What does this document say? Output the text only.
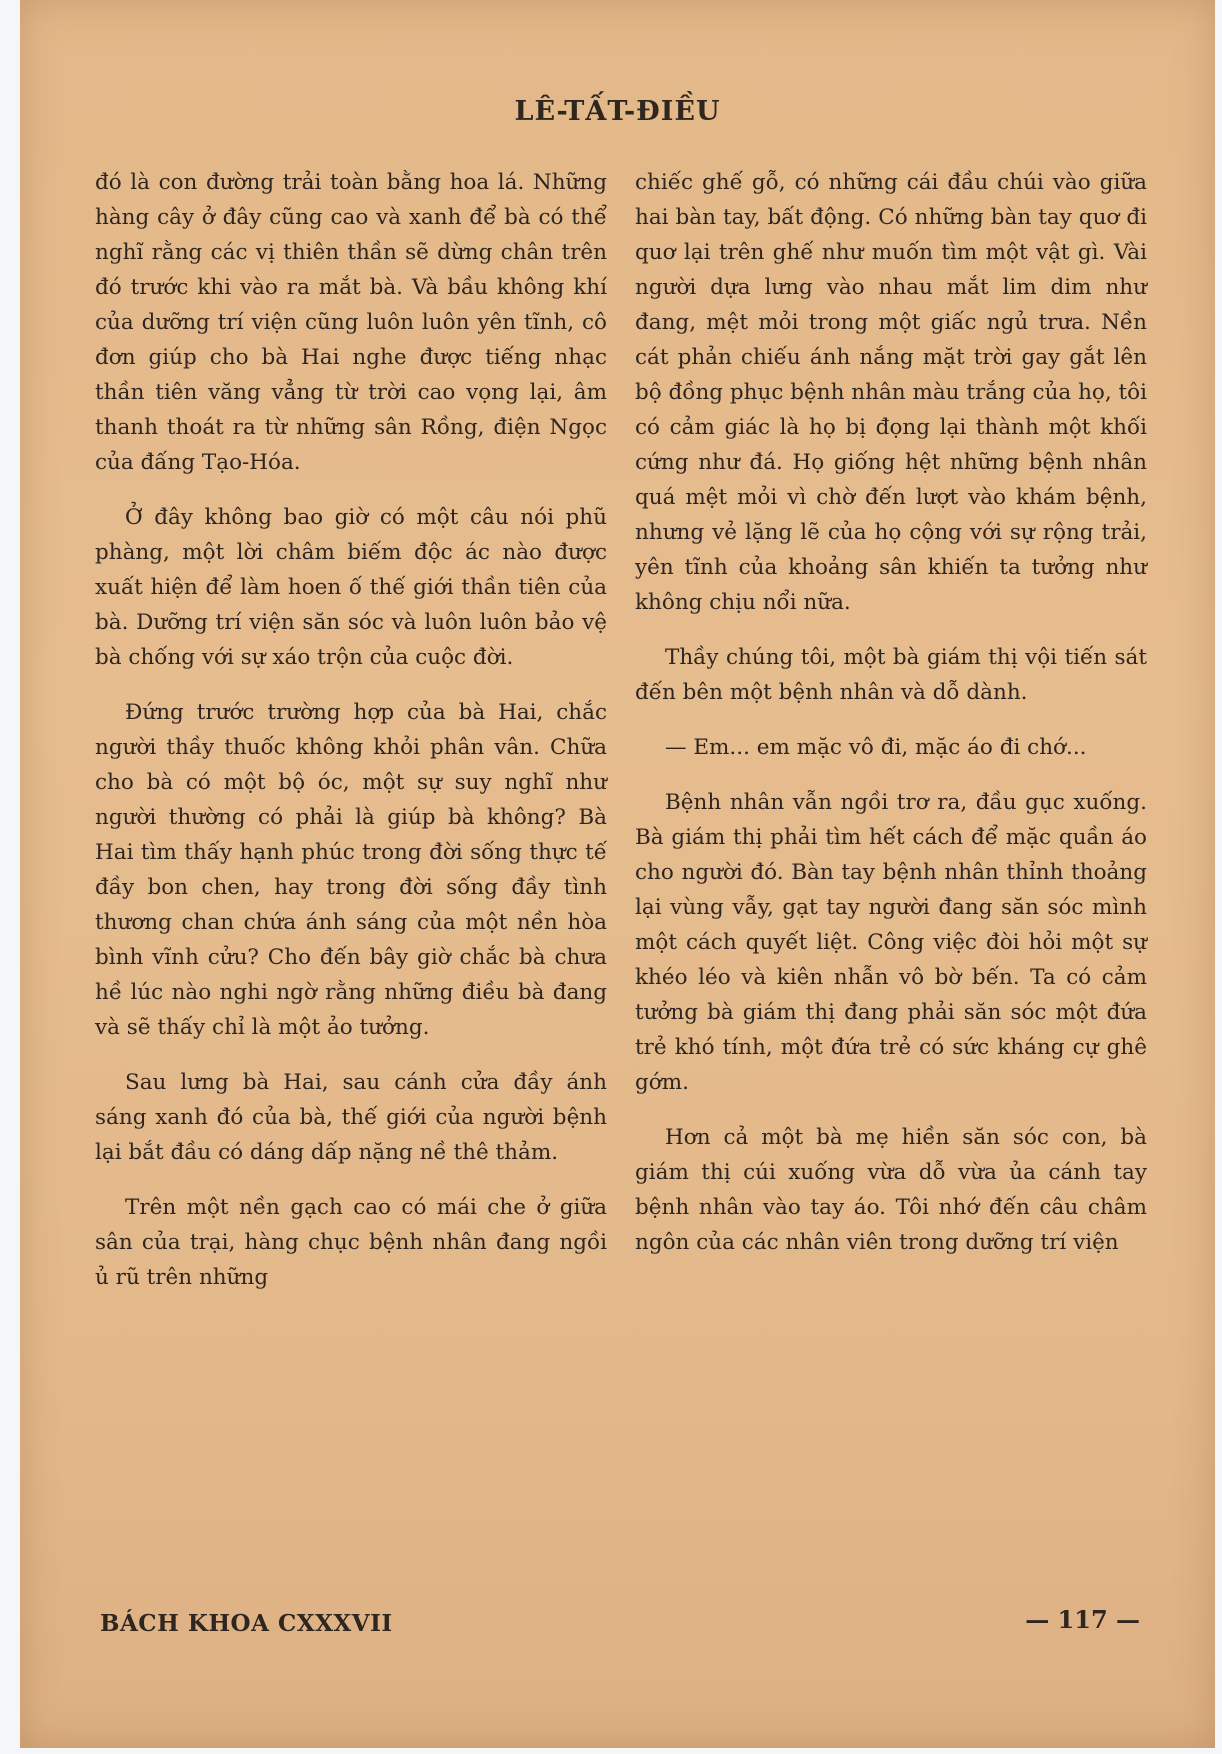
LÊ-TẤT-ĐIỀU

đó là con đường trải toàn bằng hoa lá. Những hàng cây ở đây cũng cao và xanh để bà có thể nghĩ rằng các vị thiên thần sẽ dừng chân trên đó trước khi vào ra mắt bà. Và bầu không khí của dưỡng trí viện cũng luôn luôn yên tĩnh, cô đơn giúp cho bà Hai nghe được tiếng nhạc thần tiên văng vẳng từ trời cao vọng lại, âm thanh thoát ra từ những sân Rồng, điện Ngọc của đấng Tạo-Hóa.

Ở đây không bao giờ có một câu nói phũ phàng, một lời châm biếm độc ác nào được xuất hiện để làm hoen ố thế giới thần tiên của bà. Dưỡng trí viện săn sóc và luôn luôn bảo vệ bà chống với sự xáo trộn của cuộc đời.

Đứng trước trường hợp của bà Hai, chắc người thầy thuốc không khỏi phân vân. Chữa cho bà có một bộ óc, một sự suy nghĩ như người thường có phải là giúp bà không? Bà Hai tìm thấy hạnh phúc trong đời sống thực tế đầy bon chen, hay trong đời sống đầy tình thương chan chứa ánh sáng của một nền hòa bình vĩnh cửu? Cho đến bây giờ chắc bà chưa hề lúc nào nghi ngờ rằng những điều bà đang và sẽ thấy chỉ là một ảo tưởng.

Sau lưng bà Hai, sau cánh cửa đầy ánh sáng xanh đó của bà, thế giới của người bệnh lại bắt đầu có dáng dấp nặng nề thê thảm.

Trên một nền gạch cao có mái che ở giữa sân của trại, hàng chục bệnh nhân đang ngồi ủ rũ trên những

chiếc ghế gỗ, có những cái đầu chúi vào giữa hai bàn tay, bất động. Có những bàn tay quơ đi quơ lại trên ghế như muốn tìm một vật gì. Vài người dựa lưng vào nhau mắt lim dim như đang, mệt mỏi trong một giấc ngủ trưa. Nền cát phản chiếu ánh nắng mặt trời gay gắt lên bộ đồng phục bệnh nhân màu trắng của họ, tôi có cảm giác là họ bị đọng lại thành một khối cứng như đá. Họ giống hệt những bệnh nhân quá mệt mỏi vì chờ đến lượt vào khám bệnh, nhưng vẻ lặng lẽ của họ cộng với sự rộng trải, yên tĩnh của khoảng sân khiến ta tưởng như không chịu nổi nữa.

Thầy chúng tôi, một bà giám thị vội tiến sát đến bên một bệnh nhân và dỗ dành.

— Em... em mặc vô đi, mặc áo đi chớ...

Bệnh nhân vẫn ngồi trơ ra, đầu gục xuống. Bà giám thị phải tìm hết cách để mặc quần áo cho người đó. Bàn tay bệnh nhân thỉnh thoảng lại vùng vẫy, gạt tay người đang săn sóc mình một cách quyết liệt. Công việc đòi hỏi một sự khéo léo và kiên nhẫn vô bờ bến. Ta có cảm tưởng bà giám thị đang phải săn sóc một đứa trẻ khó tính, một đứa trẻ có sức kháng cự ghê gớm.

Hơn cả một bà mẹ hiền săn sóc con, bà giám thị cúi xuống vừa dỗ vừa ủa cánh tay bệnh nhân vào tay áo. Tôi nhớ đến câu châm ngôn của các nhân viên trong dưỡng trí viện

BÁCH KHOA CXXXVII	— 117 —
